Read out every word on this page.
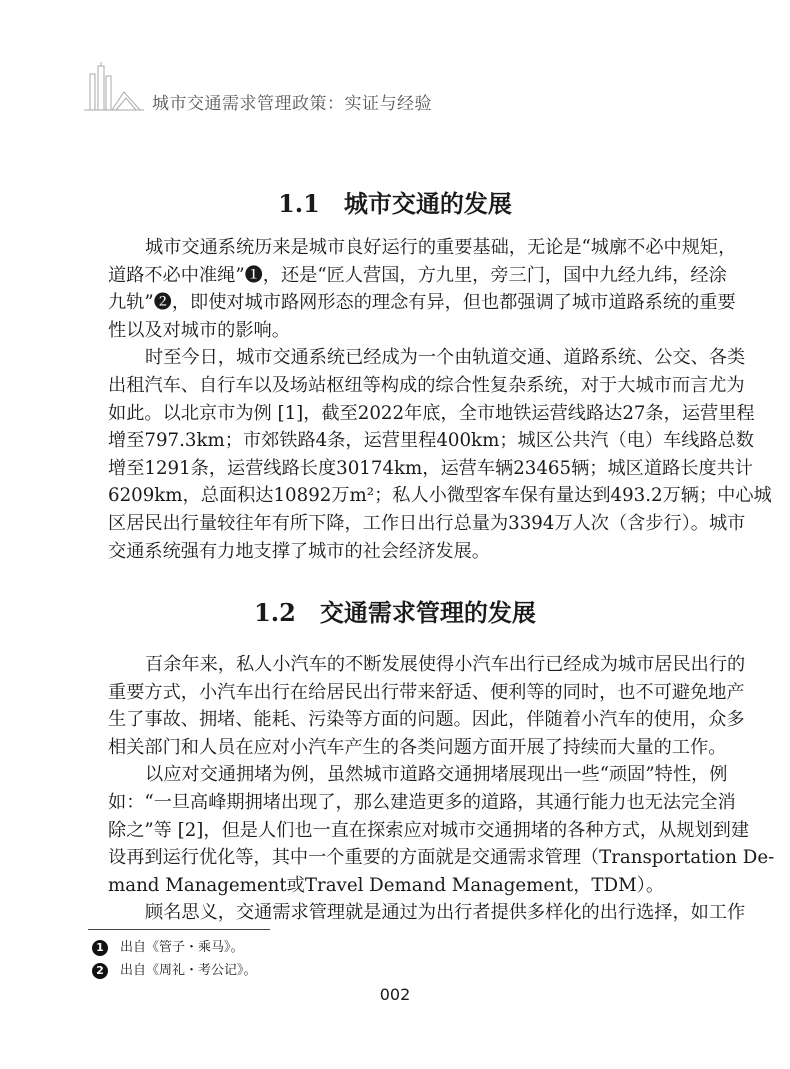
城市交通需求管理政策：实证与经验
1.1　城市交通的发展
城市交通系统历来是城市良好运行的重要基础，无论是“城廓不必中规矩，
道路不必中准绳”❶，还是“匠人营国，方九里，旁三门，国中九经九纬，经涂
九轨”❷，即使对城市路网形态的理念有异，但也都强调了城市道路系统的重要
性以及对城市的影响。
时至今日，城市交通系统已经成为一个由轨道交通、道路系统、公交、各类
出租汽车、自行车以及场站枢纽等构成的综合性复杂系统，对于大城市而言尤为
如此。以北京市为例 [1]，截至2022年底，全市地铁运营线路达27条，运营里程
增至797.3km；市郊铁路4条，运营里程400km；城区公共汽（电）车线路总数
增至1291条，运营线路长度30174km，运营车辆23465辆；城区道路长度共计
6209km，总面积达10892万m²；私人小微型客车保有量达到493.2万辆；中心城
区居民出行量较往年有所下降，工作日出行总量为3394万人次（含步行）。城市
交通系统强有力地支撑了城市的社会经济发展。
1.2　交通需求管理的发展
百余年来，私人小汽车的不断发展使得小汽车出行已经成为城市居民出行的
重要方式，小汽车出行在给居民出行带来舒适、便利等的同时，也不可避免地产
生了事故、拥堵、能耗、污染等方面的问题。因此，伴随着小汽车的使用，众多
相关部门和人员在应对小汽车产生的各类问题方面开展了持续而大量的工作。
以应对交通拥堵为例，虽然城市道路交通拥堵展现出一些“顽固”特性，例
如：“一旦高峰期拥堵出现了，那么建造更多的道路，其通行能力也无法完全消
除之”等 [2]，但是人们也一直在探索应对城市交通拥堵的各种方式，从规划到建
设再到运行优化等，其中一个重要的方面就是交通需求管理（Transportation De-
mand Management或Travel Demand Management，TDM）。
顾名思义，交通需求管理就是通过为出行者提供多样化的出行选择，如工作
1 出自《管子・乘马》。
2 出自《周礼・考公记》。
002
